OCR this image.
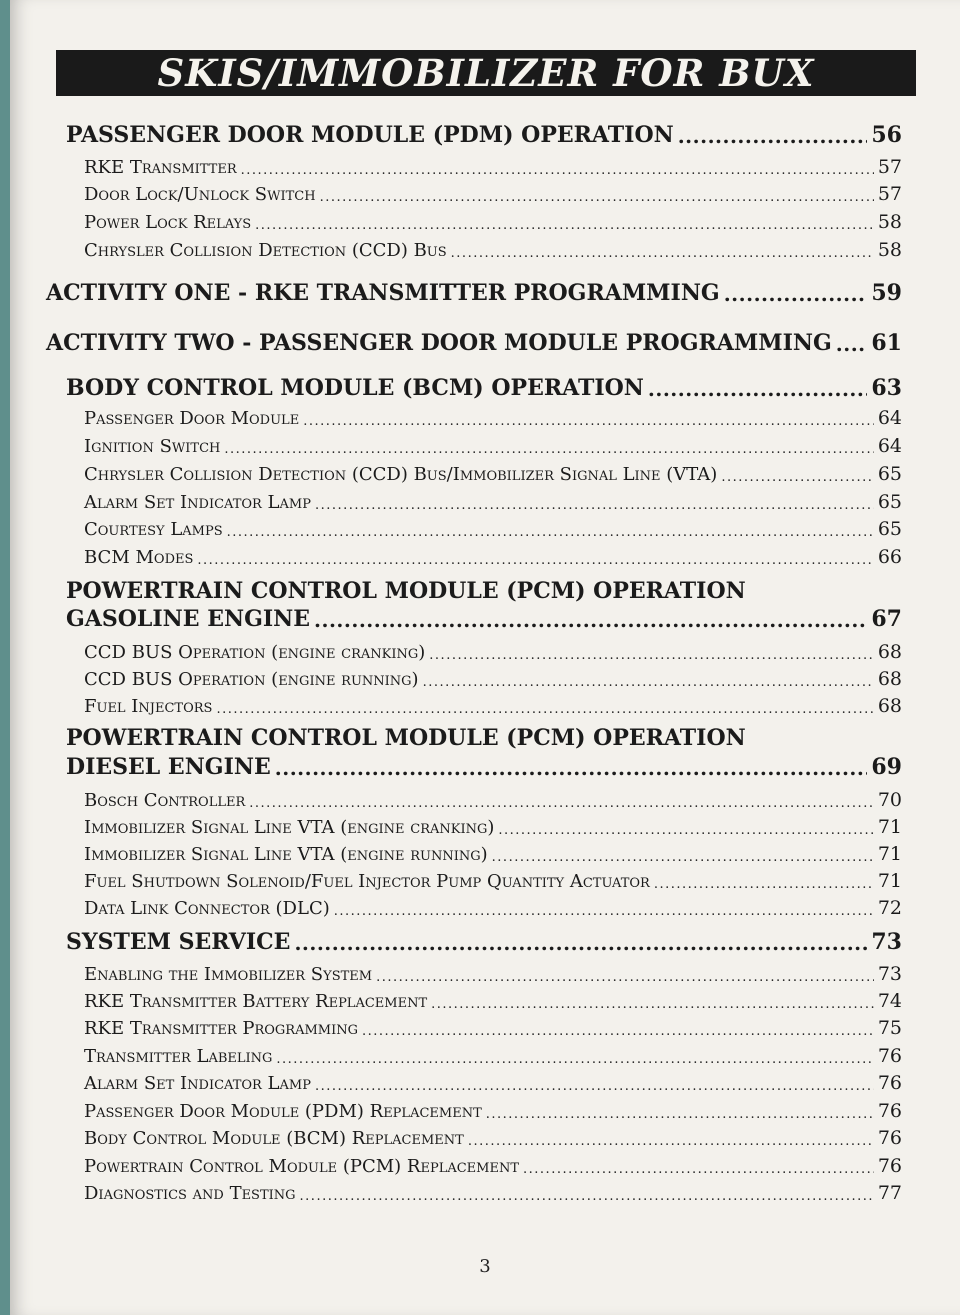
SKIS/IMMOBILIZER FOR BUX
PASSENGER DOOR MODULE (PDM) OPERATION .....	56
RKE Transmitter .....	57
Door Lock/Unlock Switch .....	57
Power Lock Relays .....	58
Chrysler Collision Detection (CCD) Bus .....	58
ACTIVITY ONE - RKE TRANSMITTER PROGRAMMING .....	59
ACTIVITY TWO - PASSENGER DOOR MODULE PROGRAMMING ..... 61
BODY CONTROL MODULE (BCM) OPERATION .....	63
Passenger Door Module .....	64
Ignition Switch .....	64
Chrysler Collision Detection (CCD) Bus/Immobilizer Signal Line (VTA) .....	65
Alarm Set Indicator Lamp .....	65
Courtesy Lamps .....	65
BCM Modes .....	66
POWERTRAIN CONTROL MODULE (PCM) OPERATION
GASOLINE ENGINE .....	67
CCD BUS Operation (engine cranking) .....	68
CCD BUS Operation (engine running) .....	68
Fuel Injectors .....	68
POWERTRAIN CONTROL MODULE (PCM) OPERATION
DIESEL ENGINE .....	69
Bosch Controller .....	70
Immobilizer Signal Line VTA (engine cranking) .....	71
Immobilizer Signal Line VTA (engine running) .....	71
Fuel Shutdown Solenoid/Fuel Injector Pump Quantity Actuator .....	71
Data Link Connector (DLC) .....	72
SYSTEM SERVICE .....	73
Enabling the Immobilizer System .....	73
RKE Transmitter Battery Replacement .....	74
RKE Transmitter Programming .....	75
Transmitter Labeling .....	76
Alarm Set Indicator Lamp .....	76
Passenger Door Module (PDM) Replacement .....	76
Body Control Module (BCM) Replacement .....	76
Powertrain Control Module (PCM) Replacement .....	76
Diagnostics and Testing .....	77
3
